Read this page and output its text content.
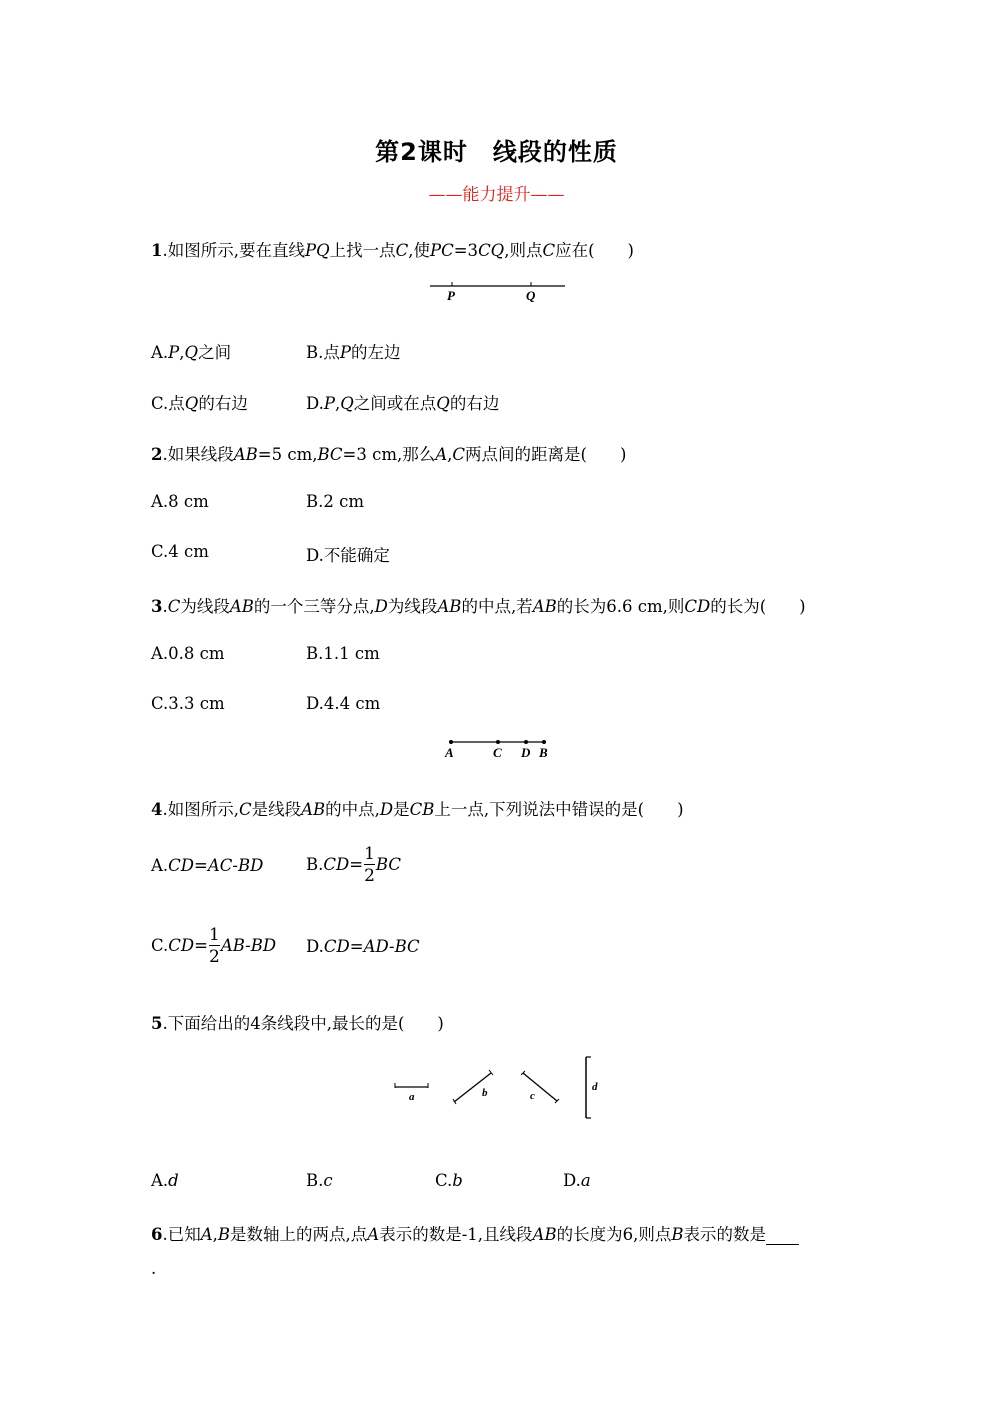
第2课时　线段的性质
——能力提升——
1.如图所示,要在直线PQ上找一点C,使PC=3CQ,则点C应在(　　)
P	Q
A.P,Q之间	B.点P的左边
C.点Q的右边	D.P,Q之间或在点Q的右边
2.如果线段AB=5 cm,BC=3 cm,那么A,C两点间的距离是(　　)
A.8 cm	B.2 cm
C.4 cm	D.不能确定
3.C为线段AB的一个三等分点,D为线段AB的中点,若AB的长为6.6 cm,则CD的长为(　　)
A.0.8 cm	B.1.1 cm
C.3.3 cm	D.4.4 cm
A	C D B
4.如图所示,C是线段AB的中点,D是CB上一点,下列说法中错误的是(　　)
A.CD=AC-BD	$B.CD= \frac{1}{2}$ BC
$C.CD= \frac{1}{2} AB-BD$ D.CD=AD-BC
5.下面给出的4条线段中,最长的是(　　)
a	b	c
d
A.d	B.c	C.b	D.a
6.已知A,B是数轴上的两点,点A表示的数是-1,且线段AB的长度为6,则点B表示的数是　　
.
